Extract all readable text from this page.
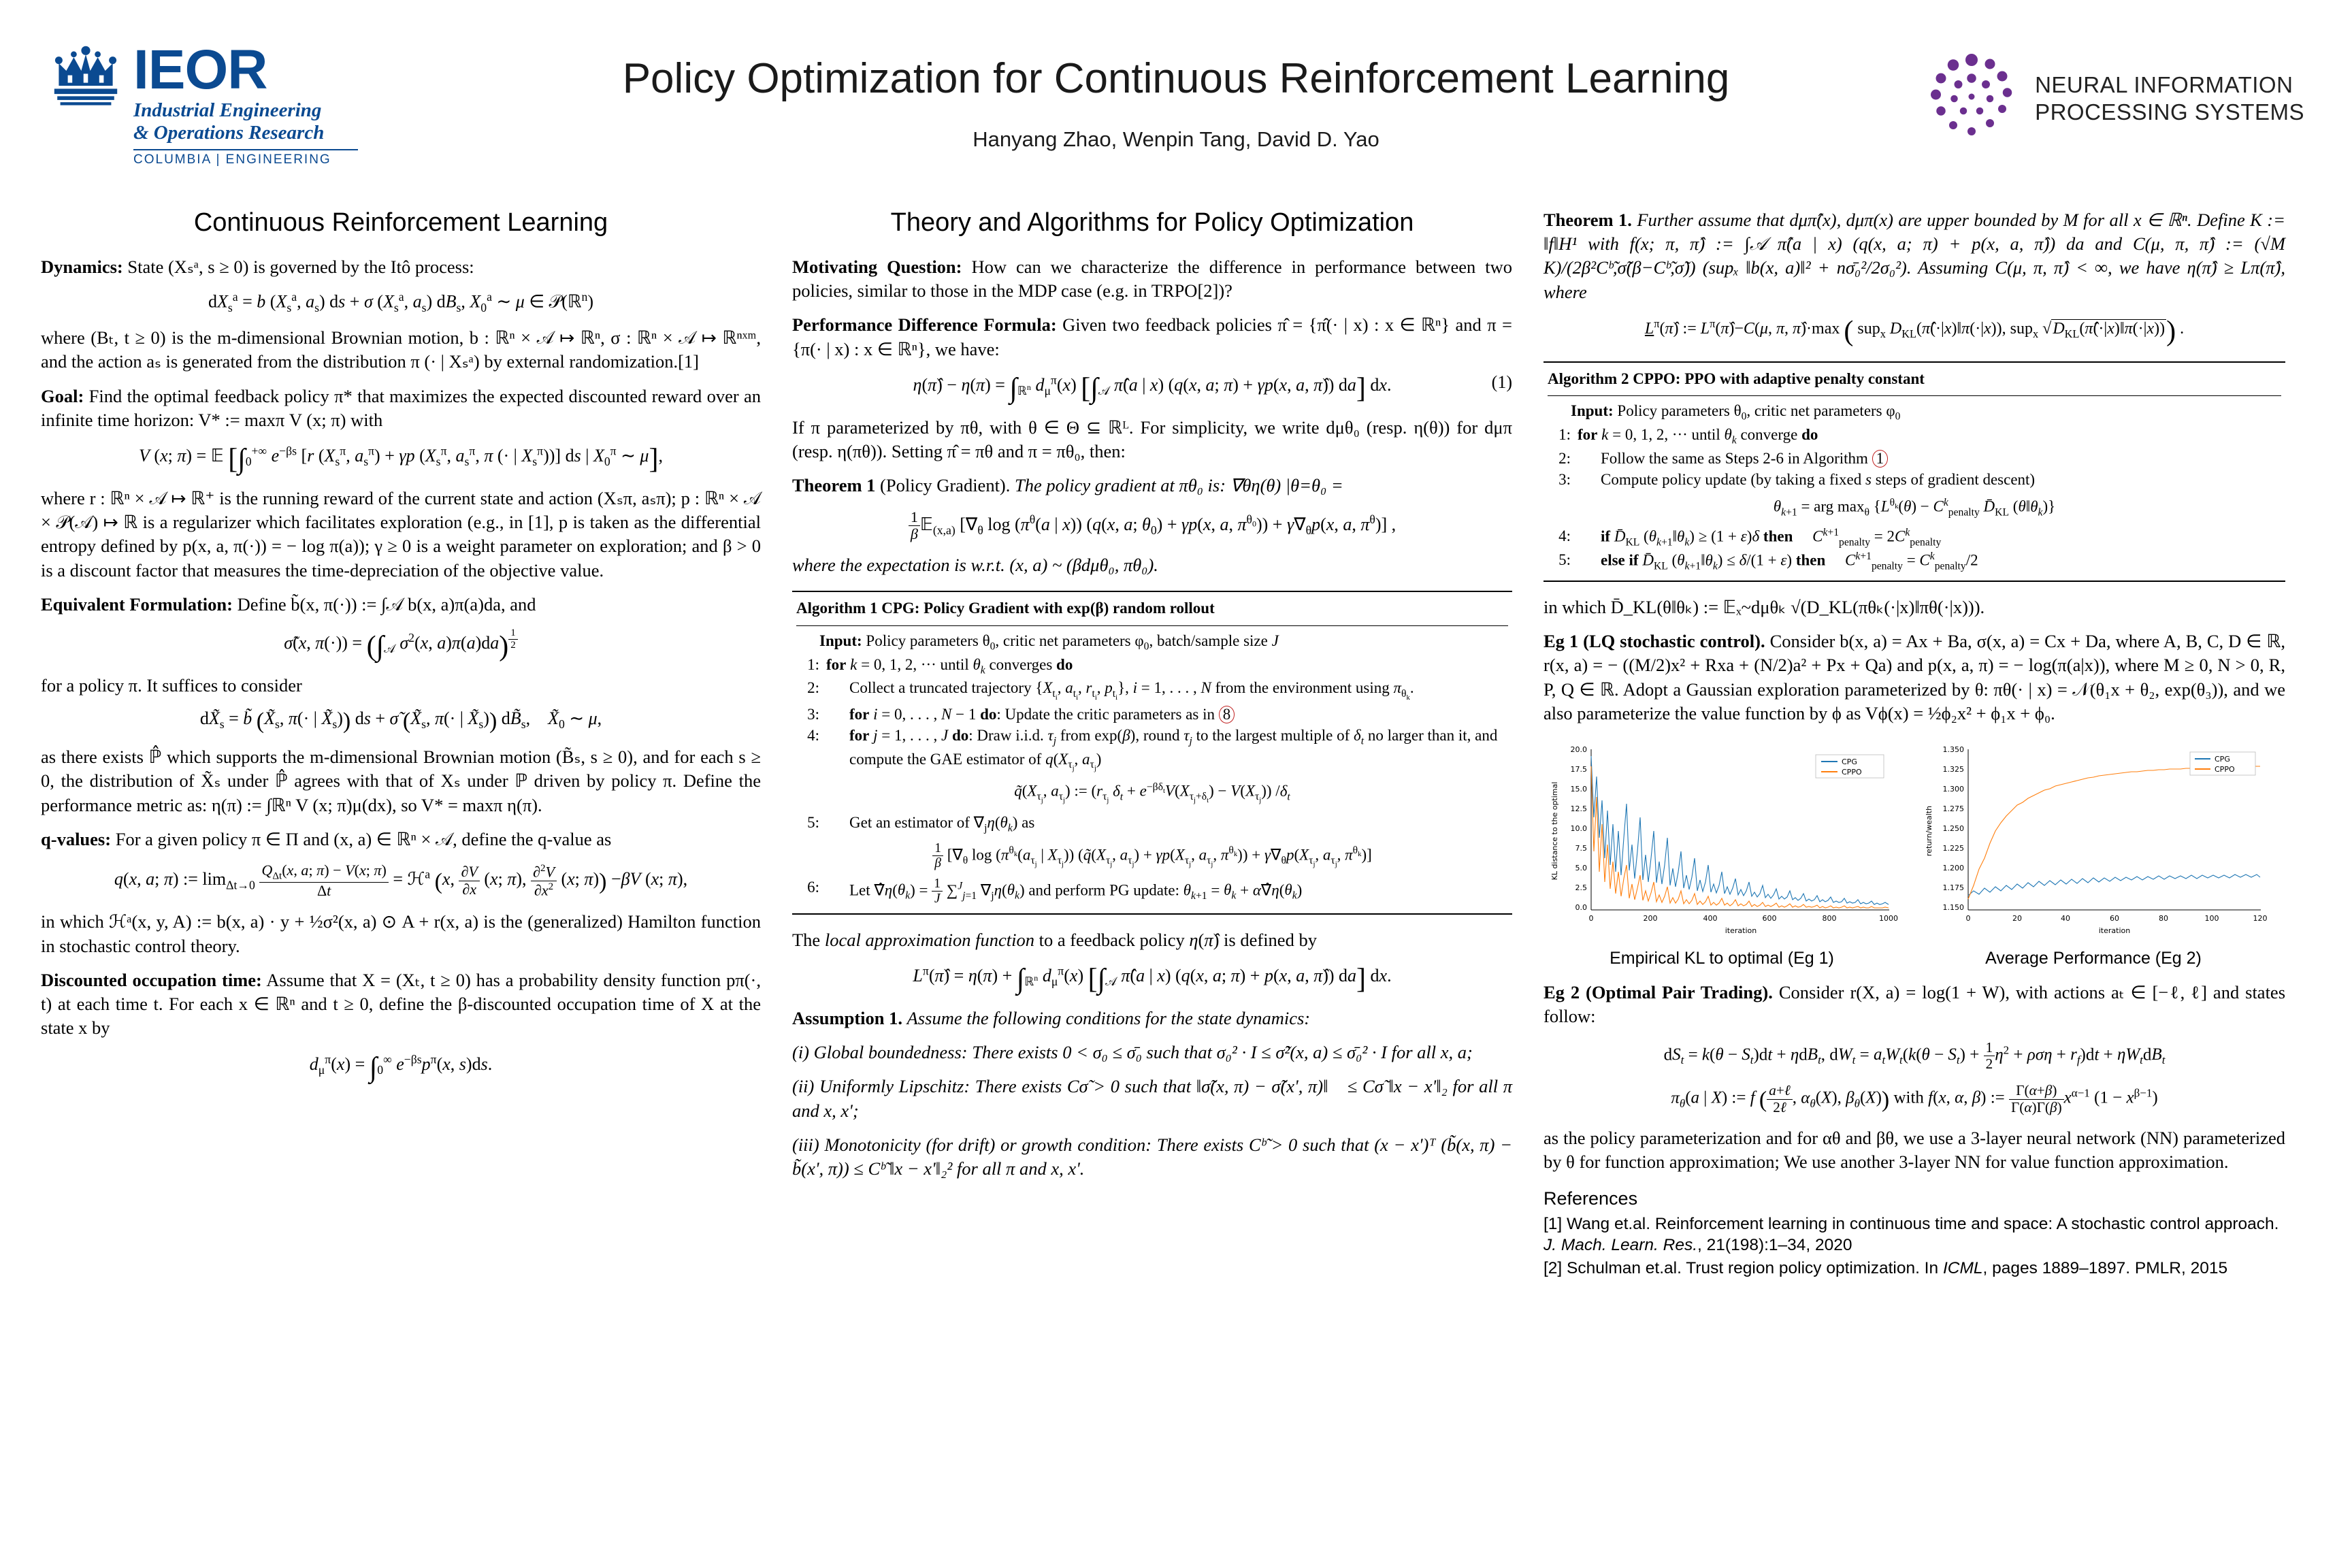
IEOR
Industrial Engineering
& Operations Research
COLUMBIA | ENGINEERING
Policy Optimization for Continuous Reinforcement Learning
Hanyang Zhao, Wenpin Tang, David D. Yao
NEURAL INFORMATION
PROCESSING SYSTEMS
Continuous Reinforcement Learning

Dynamics: State (Xₛᵃ, s ≥ 0) is governed by the Itô process:

$dX_s^a = b$ ($X_s^a$, $a_s$) ds + σ ($X_s^a$, $a_s$) $dB_s$, $X_0^a$ ∼ μ ∈ 𝒫(ℝ$^n$)

where (Bₜ, t ≥ 0) is the m-dimensional Brownian motion, b : ℝⁿ × 𝒜 ↦ ℝⁿ, σ : ℝⁿ × 𝒜 ↦ ℝⁿˣᵐ, and the action aₛ is generated from the distribution π (· | Xₛᵃ) by external randomization.[1]

Goal: Find the optimal feedback policy π* that maximizes the expected discounted reward over an infinite time horizon: V* := maxπ V (x; π) with

V (x; π) = 𝔼 [$\int_0^{+\infty}$ $e^{-\beta s}$ [r ($X_s^\pi$, $a_s^\pi) + \gamma p$ ($X_s^\pi$, $a_s^\pi$, π (· | $X_s^\pi$))] ds | $X_0^\pi$ ∼ μ],

where r : ℝⁿ × 𝒜 ↦ ℝ⁺ is the running reward of the current state and action (Xₛπ, aₛπ); p : ℝⁿ × 𝒜 × 𝒫(𝒜) ↦ ℝ is a regularizer which facilitates exploration (e.g., in [1], p is taken as the differential entropy defined by p(x, a, π(·)) = − log π(a)); γ ≥ 0 is a weight parameter on exploration; and β > 0 is a discount factor that measures the time-depreciation of the objective value.

Equivalent Formulation: Define b̃(x, π(·)) := ∫𝒜 b(x, a)π(a)da, and

σ̃(x, $\pi(\cdot)) = (\int_𝒜$ $\sigma^2(x$, a)π(a)da) $^{\frac{1}{2}}$

for a policy π. It suffices to consider

$dX̃_s$ = b̃ ($X̃_s$, π(· | $X̃_s$)) ds + σ̃ ($X̃_s$, π(· | $X̃_s$)) $dB̃_s$,    $X̃_0$ ∼ μ,

as there exists ℙ̂ which supports the m-dimensional Brownian motion (B̃ₛ, s ≥ 0), and for each s ≥ 0, the distribution of X̃ₛ under ℙ̂ agrees with that of Xₛ under ℙ driven by policy π. Define the performance metric as: η(π) := ∫ℝⁿ V (x; π)μ(dx), so V* = maxπ η(π).

q-values: For a given policy π ∈ Π and (x, a) ∈ ℝⁿ × 𝒜, define the q-value as

q(x, a; π) := $\lim_{\Delta t\to 0} \frac{Q_{\Delta t}(x, a; \pi) - V(x; \pi)}{\Delta t}$ = ℋ$^a$ (x, $\frac{\partial V}{\partial x} (x$; π), $\frac{\partial^2V}{\partial x^2} (x$; π)) −βV (x; π),

in which ℋᵃ(x, y, A) := b(x, a) · y + ½σ²(x, a) ⊙ A + r(x, a) is the (generalized) Hamilton function in stochastic control theory.

Discounted occupation time: Assume that X = (Xₜ, t ≥ 0) has a probability density function pπ(·, t) at each time t. For each x ∈ ℝⁿ and t ≥ 0, define the β-discounted occupation time of X at the state x by

$d_\mu^\pi(x) = \int_0^\infty$ $e^{-\beta s}p^\pi(x$, s)ds.
Theory and Algorithms for Policy Optimization

Motivating Question: How can we characterize the difference in performance between two policies, similar to those in the MDP case (e.g. in TRPO[2])?

Performance Difference Formula: Given two feedback policies π̂ = {π̂(· | x) : x ∈ ℝⁿ} and π = {π(· | x) : x ∈ ℝⁿ}, we have:

η(π̂) − $\eta(\pi) = \int_{ℝ^n}$ $d_\mu^\pi(x)$ [$\int_𝒜$ π̂(a | x) (q(x, a; π) + γp(x, a, π̂)) da] dx.	(1)

If π parameterized by πθ, with θ ∈ Θ ⊆ ℝᴸ. For simplicity, we write dμθ₀ (resp. η(θ)) for dμπ (resp. η(πθ)). Setting π̂ = πθ and π = πθ₀, then:

Theorem 1 (Policy Gradient). The policy gradient at πθ₀ is: ∇θη(θ) |θ=θ₀ =

$\frac{1}{\beta}$ 𝔼$_{(x,a)}$ [$\nabla_\theta$ $\log (\pi^\theta(a$ | x)) (q(x, a; $\theta_0) + \gamma p(x$, a, $\pi^{\theta_0})) + \gamma\nabla_\theta p(x$, a, $\pi^\theta$)] ,

where the expectation is w.r.t. (x, a) ~ (βdμθ₀, πθ₀).

Algorithm 1 CPG: Policy Gradient with exp(β) random rollout
Input: Policy parameters $\theta_0$, critic net parameters $\varphi_0$, batch/sample size J
1: for k = 0, 1, 2, ··· until $\theta_k$ converges do
2:	Collect a truncated trajectory {$X_{t_i}$, $a_{t_i}$, $r_{t_i}$, $p_{t_i}$}, i = 1, . . . , N from the environment using $\pi_{\theta_k}$.
3:	for i = 0, . . . , N − 1 do: Update the critic parameters as in 8
4:	for j = 1, . . . , J do: Draw i.i.d. $\tau_j$ from exp(β), round $\tau_j$ to the largest multiple of $\delta_t$ no larger than it, and compute the GAE estimator of $q(X_{\tau_j}$, $a_{\tau_j}$)
$q̃(X_{\tau_j}$, $a_{\tau_j}$) := ($r_{\tau_j}$ $\delta_t + e^{-\beta\delta_t}V(X_{\tau_j+\delta_t}) - V(X_{\tau_j})$) $/\delta_t$
5:	Get an estimator of $\nabla_j\eta(\theta_k)$ as
$\frac{1}{\beta} [\nabla_\theta$ $\log (\pi^{\theta_k}(a_{\tau_j}$ | $X_{\tau_j}$)) ($q̃(X_{\tau_j}$, $a_{\tau_j}) + \gamma p(X_{\tau_j}$, $a_{\tau_j}$, $\pi^{\theta_k})) + \gamma\nabla_\theta p(X_{\tau_j}$, $a_{\tau_j}$, $\pi^{\theta_k}$)]
6:	Let $\nablâ\eta(\theta_k) = \frac{1}{J} \sum^J_{j=1}$ $\nabla_j\eta(\theta_k)$ and perform PG update: $\theta_{k+1} = \theta_k$ + $\alpha\nablâ\eta(\theta_k)$

The local approximation function to a feedback policy η(π̂) is defined by

$L^\pi(\pî) = \eta(\pi) + \int_{ℝ^n}$ $d_\mu^\pi(x)$ [$\int_𝒜$ π̂(a | x) (q(x, a; π) + p(x, a, π̂)) da] dx.

Assumption 1. Assume the following conditions for the state dynamics:

(i) Global boundedness: There exists 0 < σ₀ ≤ σ̄₀ such that σ₀² · I ≤ σ̃²(x, a) ≤ σ̄₀² · I for all x, a;

(ii) Uniformly Lipschitz: There exists Cσ̃ > 0 such that ‖σ̃(x, π) − σ̃(x', π)‖ ≤ Cσ̃ ‖x − x'‖₂ for all π and x, x';

(iii) Monotonicity (for drift) or growth condition: There exists Cᵇ̃ > 0 such that (x − x')ᵀ (b̃(x, π) − b̃(x', π)) ≤ Cᵇ̃ ‖x − x'‖₂² for all π and x, x'.

Theorem 1. Further assume that dμπ̂(x), dμπ(x) are upper bounded by M for all x ∈ ℝⁿ. Define K := ‖f‖H¹ with f(x; π, π̂) := ∫𝒜 π̂(a | x) (q(x, a; π) + p(x, a, π̂)) da and C(μ, π, π̂) := (√M K)/(2β²Cᵇ̃,σ̃(β−Cᵇ̃,σ̃)) (supₓ ‖b(x, a)‖² + nσ̄₀²/2σ₀²). Assuming C(μ, π, π̂) < ∞, we have η(π̂) ≥ Lπ(π̂), where

$L^\pi(\pî)$ := $L^\pi(\pî)-C(\mu$, π, π̂)·max ( sup$_x$ $D_{KL}(\pî(\cdot|x)‖\pi(\cdot|x))$, sup$_x$ $√D_{KL}(\pî(\cdot|x)‖\pi(\cdot|x))$) .
Algorithm 2 CPPO: PPO with adaptive penalty constant
Input: Policy parameters $\theta_0$, critic net parameters $\varphi_0$
1: for k = 0, 1, 2, ··· until $\theta_k$ converge do
2:	Follow the same as Steps 2-6 in Algorithm 1
3:	Compute policy update (by taking a fixed s steps of gradient descent)
$\theta_{k+1}$ = arg $\max_\theta \{L^{\theta_k}(\theta) - C^k_{penalty}$ $D̄_{KL}$ $(\theta‖\theta_k)$}
4:	if $D̄_{KL}$ $(\theta_{k+1}‖\theta_k) \ge (1 + \varepsilon)\delta$ then $C^{k+1}_{penalty} = 2C^k_{penalty}$
5:	else if $D̄_{KL}$ $(\theta_{k+1}‖\theta_k) \le \delta/(1 + \varepsilon)$ then $C^{k+1}_{penalty} = C^k_{penalty}/2$

in which D̄_KL(θ‖θₖ) := 𝔼ₓ~dμθₖ √(D_KL(πθₖ(·|x)‖πθ(·|x))).

Eg 1 (LQ stochastic control). Consider b(x, a) = Ax + Ba, σ(x, a) = Cx + Da, where A, B, C, D ∈ ℝ, r(x, a) = − ((M/2)x² + Rxa + (N/2)a² + Px + Qa) and p(x, a, π) = − log(π(a|x)), where M ≥ 0, N > 0, R, P, Q ∈ ℝ. Adopt a Gaussian exploration parameterized by θ: πθ(· | x) = 𝒩(θ₁x + θ₂, exp(θ₃)), and we also parameterize the value function by ϕ as Vϕ(x) = ½ϕ₂x² + ϕ₁x + ϕ₀.

20.0
17.5
15.0
12.5
10.0
7.5
5.0
2.5
0.0
0	200	400	600	800	1000
iteration
KL distance to the optimal
CPG
CPPO
Empirical KL to optimal (Eg 1)
1.350
1.325
1.300
1.275
1.250
1.225
1.200
1.175
1.150
0	20	40	60	80	100	120
iteration
return/wealth
CPG
CPPO
Average Performance (Eg 2)

Eg 2 (Optimal Pair Trading). Consider r(X, a) = log(1 + W), with actions aₜ ∈ [−ℓ, ℓ] and states follow:

$dS_t = k(\theta - S_t)dt + \eta dB_t$, $dW_t = a_tW_t(k(\theta - S_t) + \frac{1}{2} \eta^2 + \rho\sigma\eta + r_f)dt + \eta W_tdB_t$
$\pi_\theta(a$ | X) := f ( $\frac{\text{a+ℓ}}{\text{2ℓ}}$ , $\alpha_\theta(X)$, $\beta_\theta(X)$) with f(x, α, β) := $\frac{\Gamma(\alpha+\beta)}{\Gamma(\alpha)\Gamma(\beta)} x^{\alpha-1}$ $(1 - x^{\beta-1})$

as the policy parameterization and for αθ and βθ, we use a 3-layer neural network (NN) parameterized by θ for function approximation; We use another 3-layer NN for value function approximation.

References
[1] Wang et.al. Reinforcement learning in continuous time and space: A stochastic control approach. J. Mach. Learn. Res., 21(198):1–34, 2020
[2] Schulman et.al. Trust region policy optimization. In ICML, pages 1889–1897. PMLR, 2015
